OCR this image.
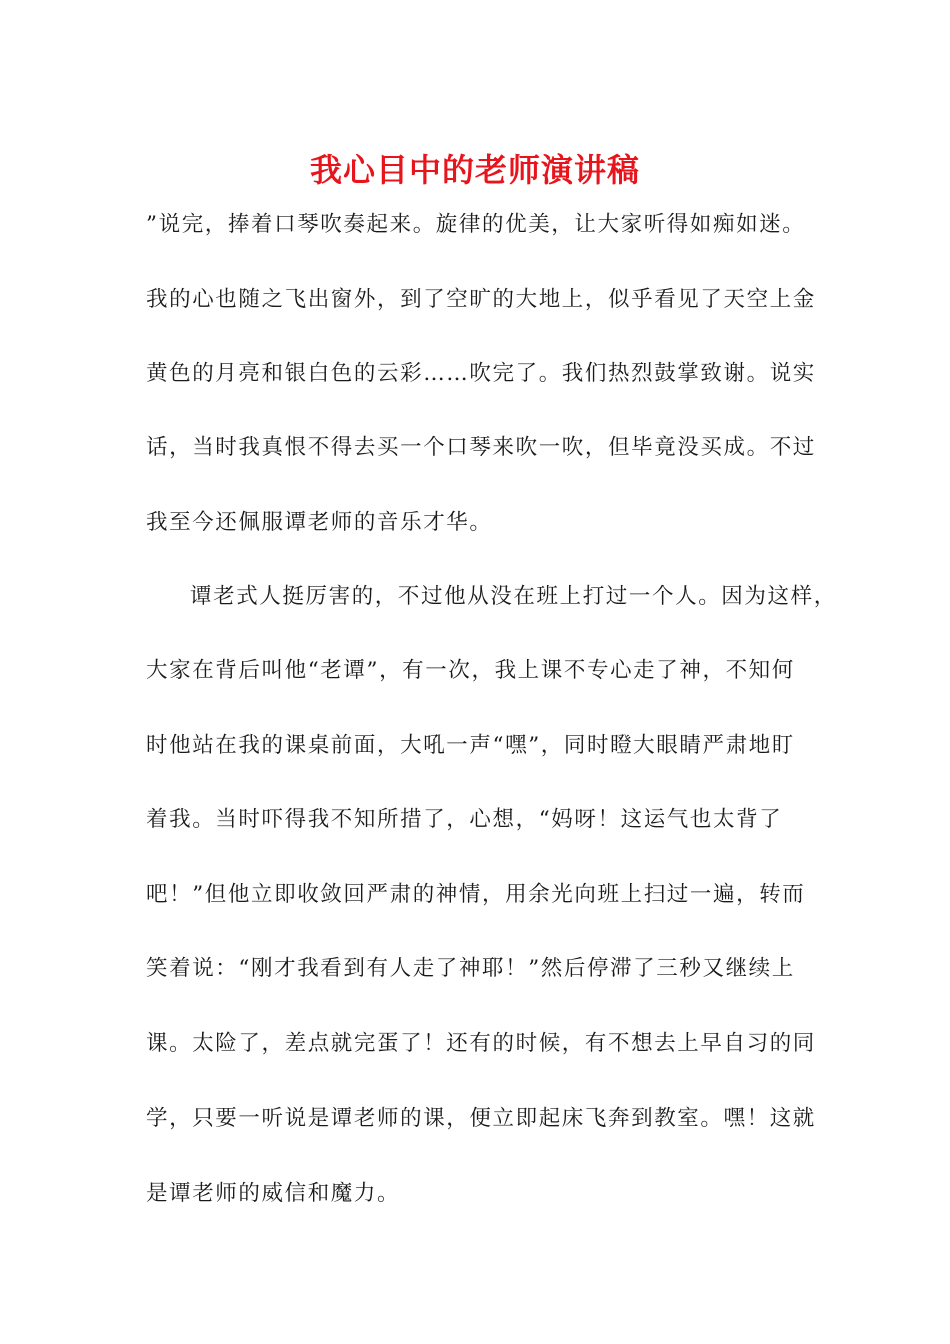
我心目中的老师演讲稿

”说完，捧着口琴吹奏起来。旋律的优美，让大家听得如痴如迷。

我的心也随之飞出窗外，到了空旷的大地上，似乎看见了天空上金

黄色的月亮和银白色的云彩……吹完了。我们热烈鼓掌致谢。说实

话，当时我真恨不得去买一个口琴来吹一吹，但毕竟没买成。不过

我至今还佩服谭老师的音乐才华。

谭老式人挺厉害的，不过他从没在班上打过一个人。因为这样，

大家在背后叫他“老谭”，有一次，我上课不专心走了神，不知何

时他站在我的课桌前面，大吼一声“嘿”，同时瞪大眼睛严肃地盯

着我。当时吓得我不知所措了，心想，“妈呀！这运气也太背了

吧！”但他立即收敛回严肃的神情，用余光向班上扫过一遍，转而

笑着说：“刚才我看到有人走了神耶！”然后停滞了三秒又继续上

课。太险了，差点就完蛋了！还有的时候，有不想去上早自习的同

学，只要一听说是谭老师的课，便立即起床飞奔到教室。嘿！这就

是谭老师的威信和魔力。
